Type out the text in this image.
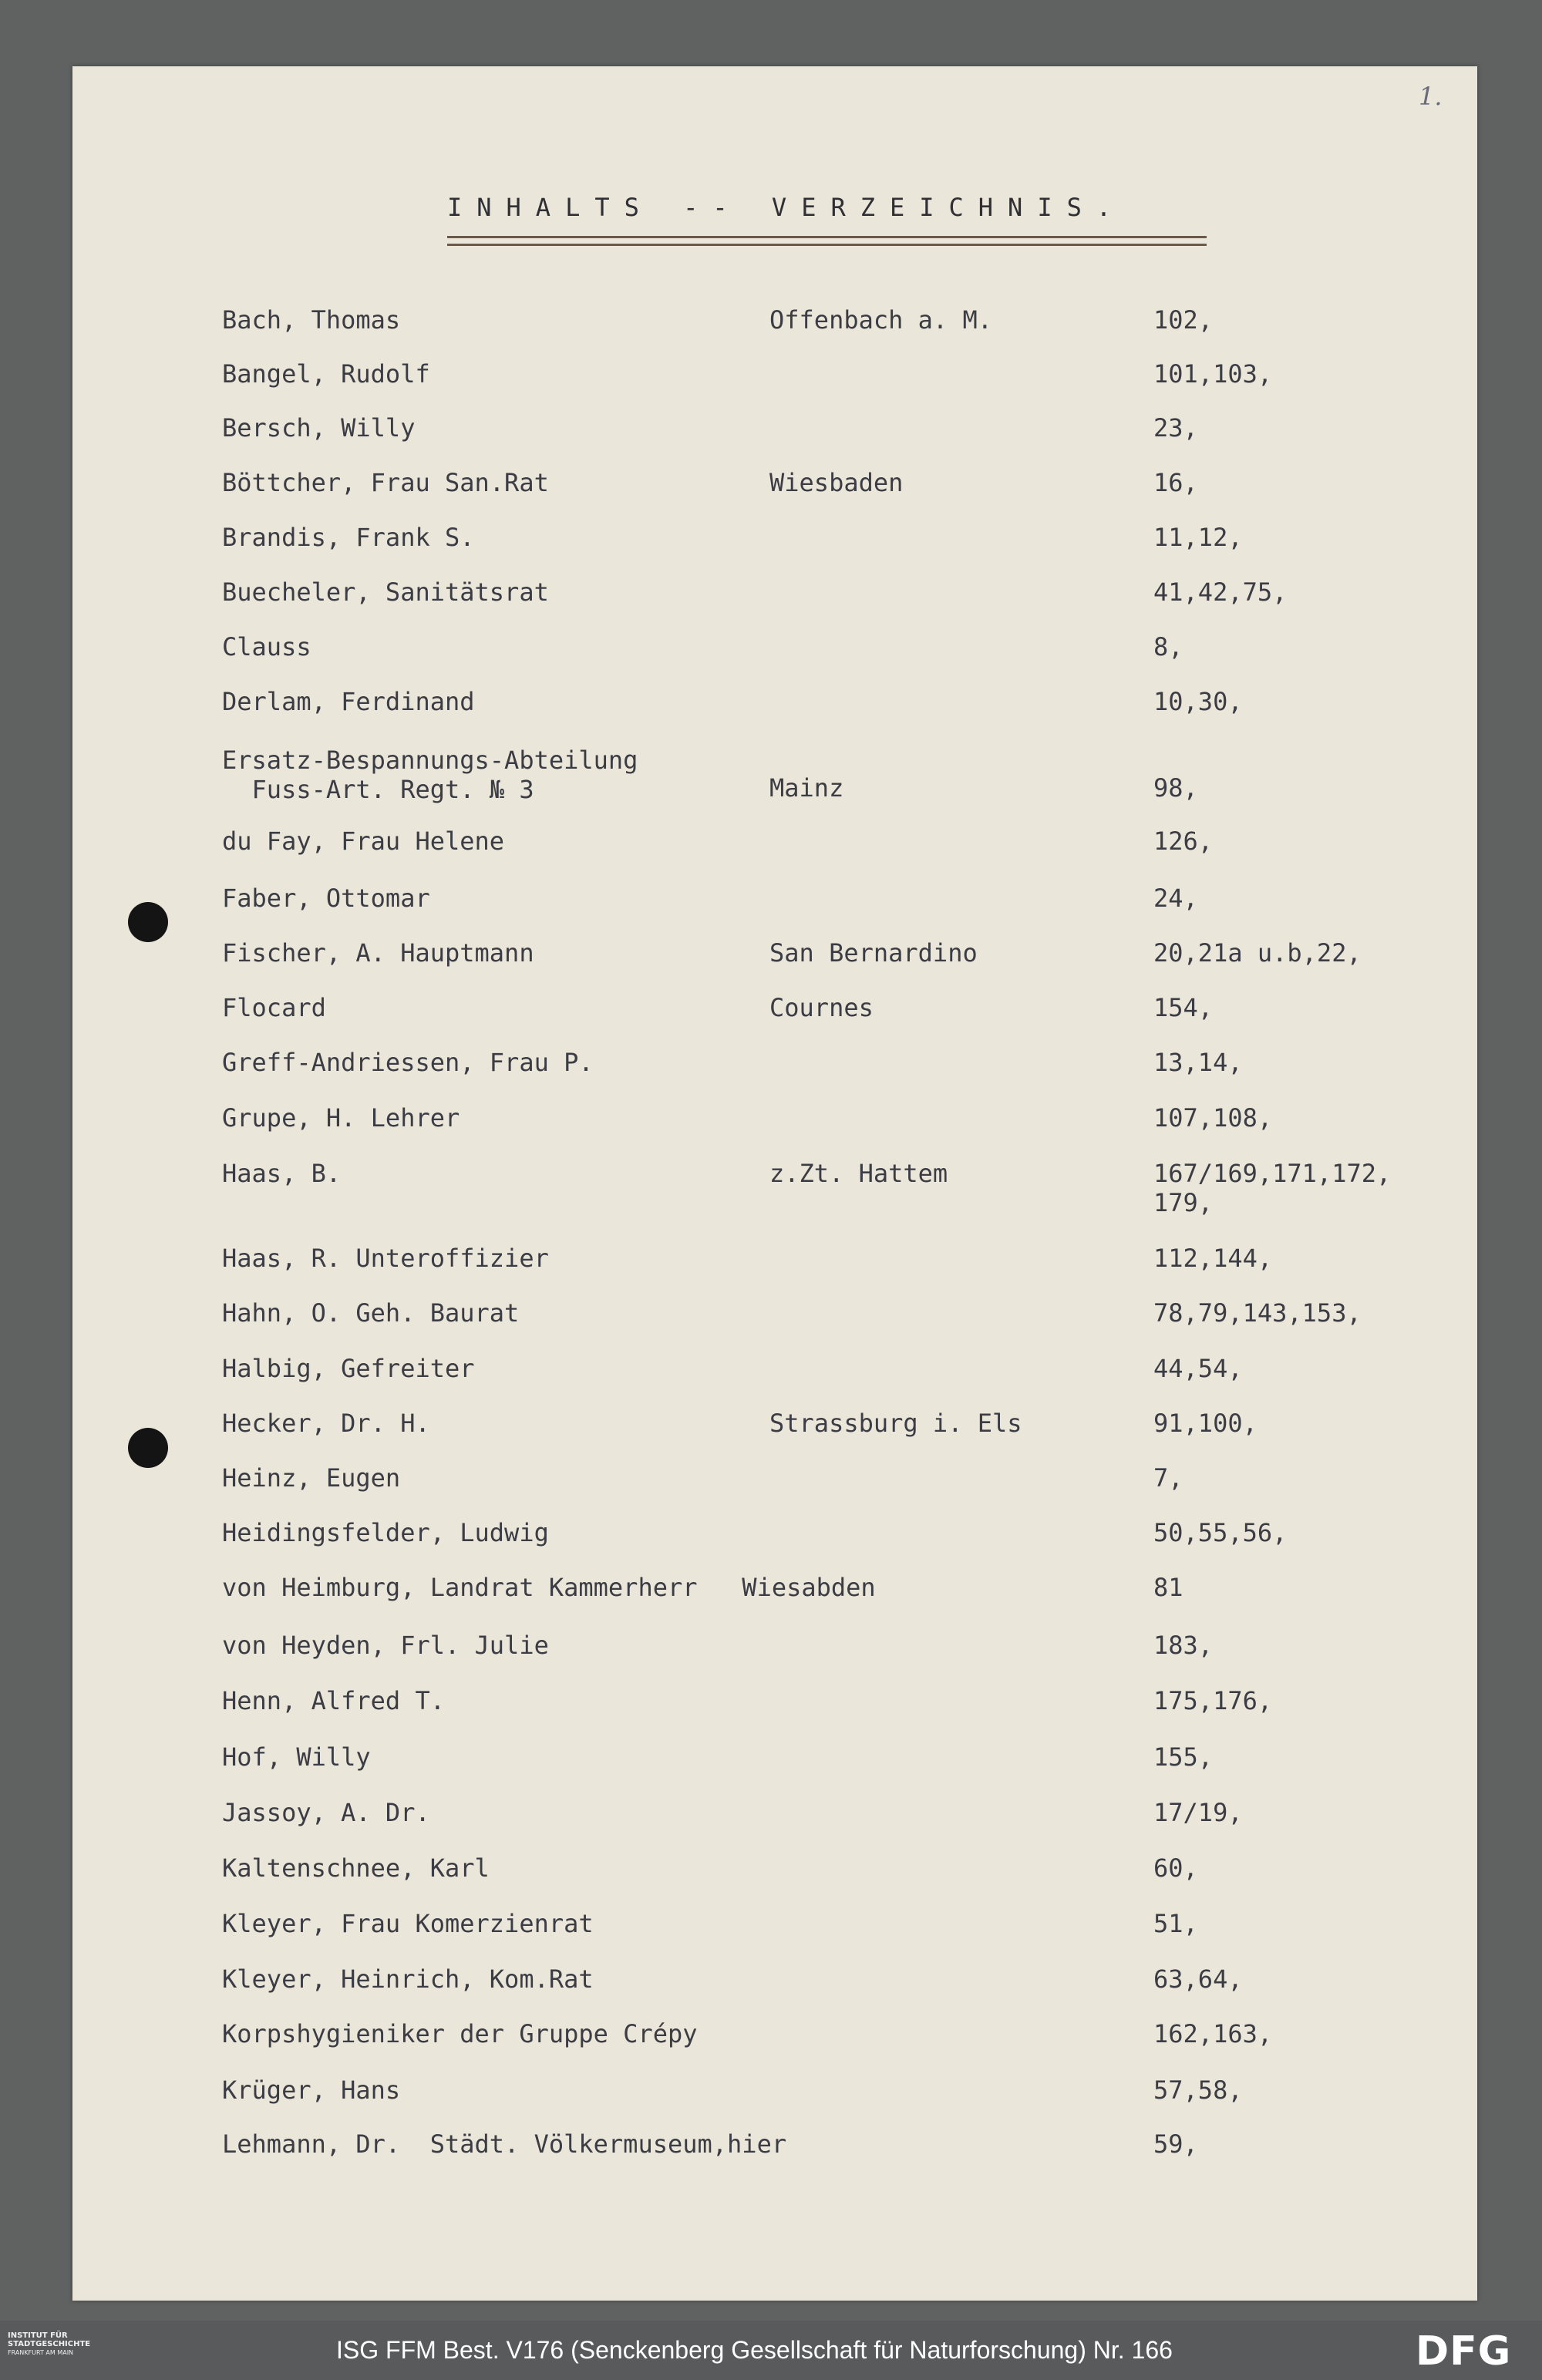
1.
INHALTS -- VERZEICHNIS.
Bach, Thomas	Offenbach a. M.	102,
Bangel, Rudolf	101,103,
Bersch, Willy	23,
Böttcher, Frau San.Rat	Wiesbaden	16,
Brandis, Frank S.	11,12,
Buecheler, Sanitätsrat	41,42,75,
Clauss	8,
Derlam, Ferdinand	10,30,
Ersatz-Bespannungs-Abteilung
Fuss-Art. Regt. № 3	Mainz	98,
du Fay, Frau Helene	126,
Faber, Ottomar	24,
Fischer, A. Hauptmann	San Bernardino	20,21a u.b,22,
Flocard	Cournes	154,
Greff-Andriessen, Frau P.	13,14,
Grupe, H. Lehrer	107,108,
Haas, B.	z.Zt. Hattem	167/169,171,172,
179,
Haas, R. Unteroffizier	112,144,
Hahn, O. Geh. Baurat	78,79,143,153,
Halbig, Gefreiter	44,54,
Hecker, Dr. H.	Strassburg i. Els	91,100,
Heinz, Eugen	7,
Heidingsfelder, Ludwig	50,55,56,
von Heimburg, Landrat Kammerherr   Wiesabden	81
von Heyden, Frl. Julie	183,
Henn, Alfred T.	175,176,
Hof, Willy	155,
Jassoy, A. Dr.	17/19,
Kaltenschnee, Karl	60,
Kleyer, Frau Komerzienrat	51,
Kleyer, Heinrich, Kom.Rat	63,64,
Korpshygieniker der Gruppe Crépy	162,163,
Krüger, Hans	57,58,
Lehmann, Dr.  Städt. Völkermuseum,hier	59,
INSTITUT FÜR
STADTGESCHICHTE
FRANKFURT AM MAIN	ISG FFM Best. V176 (Senckenberg Gesellschaft für Naturforschung) Nr. 166	DFG
